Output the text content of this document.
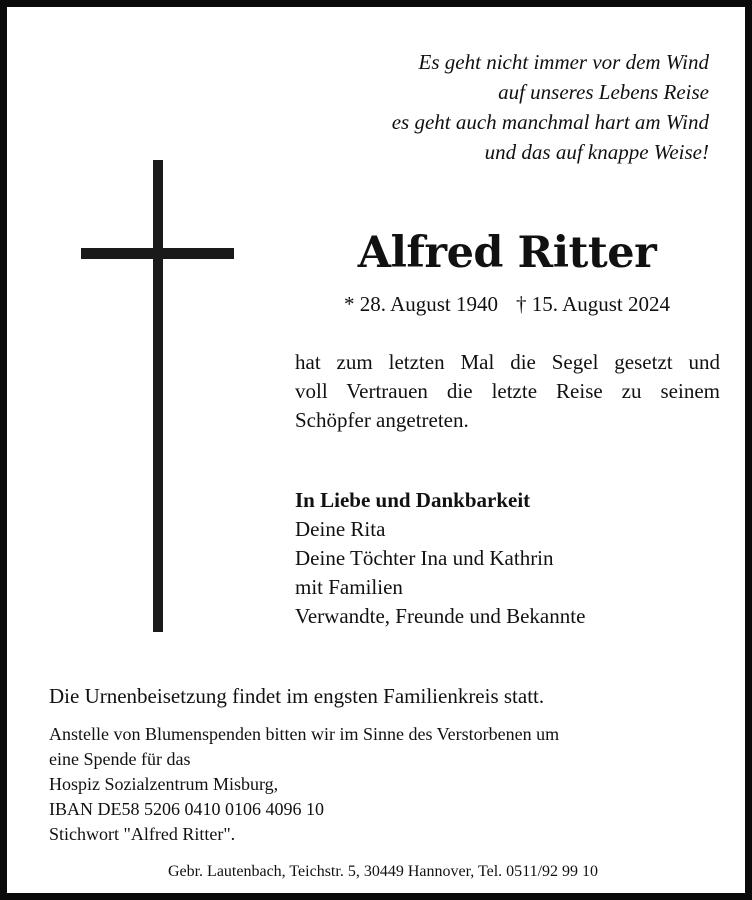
Es geht nicht immer vor dem Wind
auf unseres Lebens Reise
es geht auch manchmal hart am Wind
und das auf knappe Weise!
Alfred Ritter
* 28. August 1940 † 15. August 2024
hat zum letzten Mal die Segel gesetzt und
voll Vertrauen die letzte Reise zu seinem
Schöpfer angetreten.
In Liebe und Dankbarkeit
Deine Rita
Deine Töchter Ina und Kathrin
mit Familien
Verwandte, Freunde und Bekannte
Die Urnenbeisetzung findet im engsten Familienkreis statt.
Anstelle von Blumenspenden bitten wir im Sinne des Verstorbenen um
eine Spende für das
Hospiz Sozialzentrum Misburg,
IBAN DE58 5206 0410 0106 4096 10
Stichwort "Alfred Ritter".
Gebr. Lautenbach, Teichstr. 5, 30449 Hannover, Tel. 0511/92 99 10
